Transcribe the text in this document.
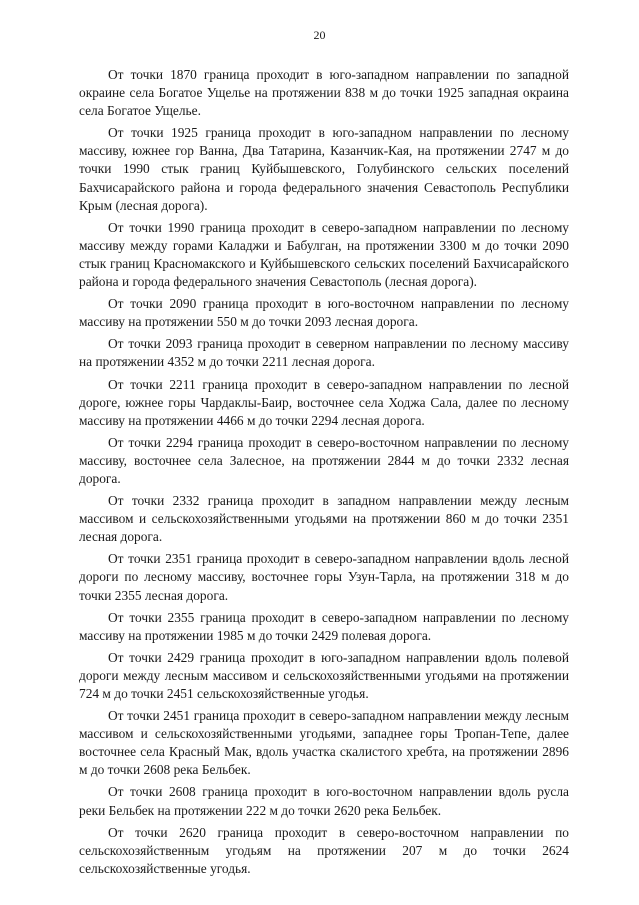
20

От точки 1870 граница проходит в юго-западном направлении по западной окраине села Богатое Ущелье на протяжении 838 м до точки 1925 западная окраина села Богатое Ущелье.

От точки 1925 граница проходит в юго-западном направлении по лесному массиву, южнее гор Ванна, Два Татарина, Казанчик-Кая, на протяжении 2747 м до точки 1990 стык границ Куйбышевского, Голубинского сельских поселений Бахчисарайского района и города федерального значения Севастополь Республики Крым (лесная дорога).

От точки 1990 граница проходит в северо-западном направлении по лесному массиву между горами Каладжи и Бабулган, на протяжении 3300 м до точки 2090 стык границ Красномакского и Куйбышевского сельских поселений Бахчисарайского района и города федерального значения Севастополь (лесная дорога).

От точки 2090 граница проходит в юго-восточном направлении по лесному массиву на протяжении 550 м до точки 2093 лесная дорога.

От точки 2093 граница проходит в северном направлении по лесному массиву на протяжении 4352 м до точки 2211 лесная дорога.

От точки 2211 граница проходит в северо-западном направлении по лесной дороге, южнее горы Чардаклы-Баир, восточнее села Ходжа Сала, далее по лесному массиву на протяжении 4466 м до точки 2294 лесная дорога.

От точки 2294 граница проходит в северо-восточном направлении по лесному массиву, восточнее села Залесное, на протяжении 2844 м до точки 2332 лесная дорога.

От точки 2332 граница проходит в западном направлении между лесным массивом и сельскохозяйственными угодьями на протяжении 860 м до точки 2351 лесная дорога.

От точки 2351 граница проходит в северо-западном направлении вдоль лесной дороги по лесному массиву, восточнее горы Узун-Тарла, на протяжении 318 м до точки 2355 лесная дорога.

От точки 2355 граница проходит в северо-западном направлении по лесному массиву на протяжении 1985 м до точки 2429 полевая дорога.

От точки 2429 граница проходит в юго-западном направлении вдоль полевой дороги между лесным массивом и сельскохозяйственными угодьями на протяжении 724 м до точки 2451 сельскохозяйственные угодья.

От точки 2451 граница проходит в северо-западном направлении между лесным массивом и сельскохозяйственными угодьями, западнее горы Тропан-Тепе, далее восточнее села Красный Мак, вдоль участка скалистого хребта, на протяжении 2896 м до точки 2608 река Бельбек.

От точки 2608 граница проходит в юго-восточном направлении вдоль русла реки Бельбек на протяжении 222 м до точки 2620 река Бельбек.

От точки 2620 граница проходит в северо-восточном направлении по сельскохозяйственным угодьям на протяжении 207 м до точки 2624 сельскохозяйственные угодья.
